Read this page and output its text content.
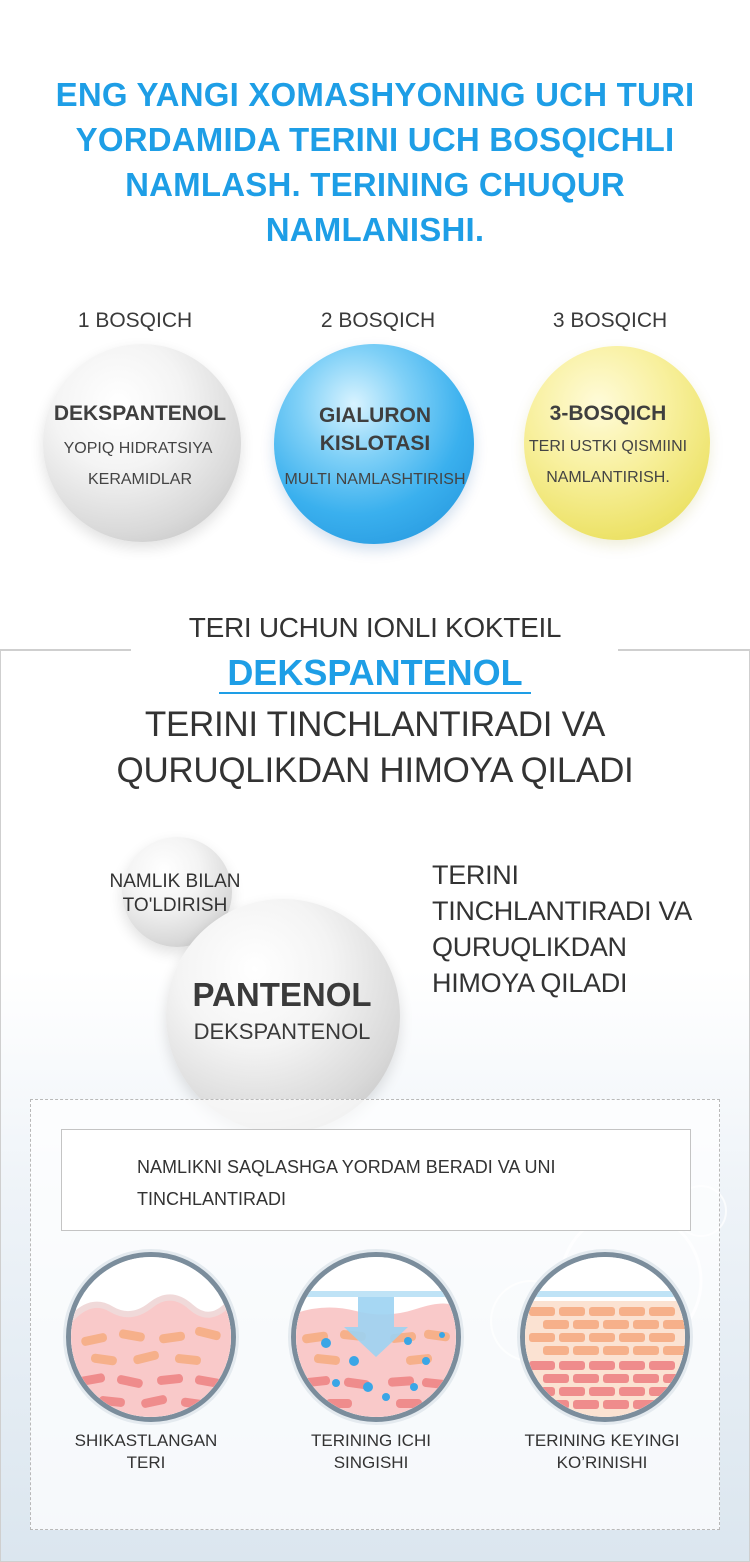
ENG YANGI XOMASHYONING UCH TURI YORDAMIDA TERINI UCH BOSQICHLI NAMLASH. TERINING CHUQUR NAMLANISHI.
1 BOSQICH	2 BOSQICH	3 BOSQICH
DEKSPANTENOL
YOPIQ HIDRATSIYA
KERAMIDLAR
GIALURON
KISLOTASI
MULTI NAMLASHTIRISH
3-BOSQICH
TERI USTKI QISMIINI
NAMLANTIRISH.
TERI UCHUN IONLI KOKTEIL
DEKSPANTENOL
TERINI TINCHLANTIRADI VA
QURUQLIKDAN HIMOYA QILADI
NAMLIK BILAN
TO'LDIRISH
PANTENOL
DEKSPANTENOL
TERINI
TINCHLANTIRADI VA
QURUQLIKDAN
HIMOYA QILADI
NAMLIKNI SAQLASHGA YORDAM BERADI VA UNI
TINCHLANTIRADI
SHIKASTLANGAN
TERI
TERINING ICHI
SINGISHI
TERINING KEYINGI
KO’RINISHI
